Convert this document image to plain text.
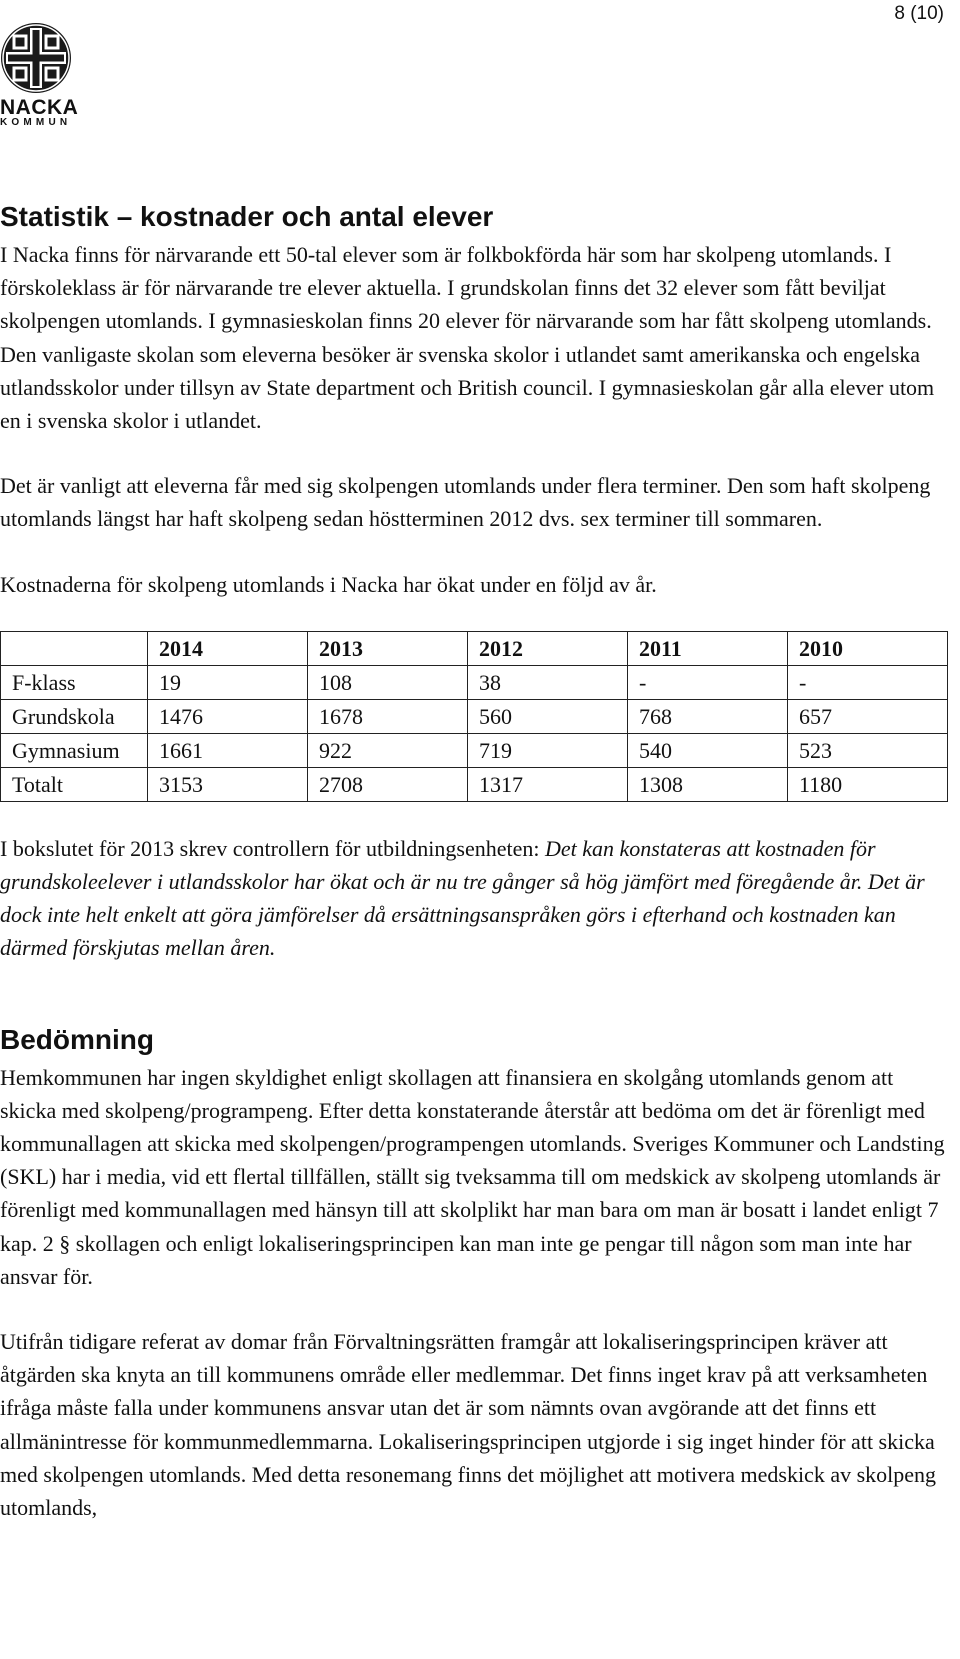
8 (10)
NACKA
KOMMUN
Statistik – kostnader och antal elever

I Nacka finns för närvarande ett 50-tal elever som är folkbokförda här som har skolpeng utomlands. I förskoleklass är för närvarande tre elever aktuella. I grundskolan finns det 32 elever som fått beviljat skolpengen utomlands. I gymnasieskolan finns 20 elever för närvarande som har fått skolpeng utomlands. Den vanligaste skolan som eleverna besöker är svenska skolor i utlandet samt amerikanska och engelska utlandsskolor under tillsyn av State department och British council. I gymnasieskolan går alla elever utom en i svenska skolor i utlandet.

Det är vanligt att eleverna får med sig skolpengen utomlands under flera terminer. Den som haft skolpeng utomlands längst har haft skolpeng sedan höstterminen 2012 dvs. sex terminer till sommaren.

Kostnaderna för skolpeng utomlands i Nacka har ökat under en följd av år.

	2014	2013	2012	2011	2010
F-klass	19	108	38	-	-
Grundskola	1476	1678	560	768	657
Gymnasium	1661	922	719	540	523
Totalt	3153	2708	1317	1308	1180

I bokslutet för 2013 skrev controllern för utbildningsenheten: Det kan konstateras att kostnaden för grundskoleelever i utlandsskolor har ökat och är nu tre gånger så hög jämfört med föregående år. Det är dock inte helt enkelt att göra jämförelser då ersättningsanspråken görs i efterhand och kostnaden kan därmed förskjutas mellan åren.

Bedömning

Hemkommunen har ingen skyldighet enligt skollagen att finansiera en skolgång utomlands genom att skicka med skolpeng/programpeng. Efter detta konstaterande återstår att bedöma om det är förenligt med kommunallagen att skicka med skolpengen/programpengen utomlands. Sveriges Kommuner och Landsting (SKL) har i media, vid ett flertal tillfällen, ställt sig tveksamma till om medskick av skolpeng utomlands är förenligt med kommunallagen med hänsyn till att skolplikt har man bara om man är bosatt i landet enligt 7 kap. 2 § skollagen och enligt lokaliseringsprincipen kan man inte ge pengar till någon som man inte har ansvar för.

Utifrån tidigare referat av domar från Förvaltningsrätten framgår att lokaliseringsprincipen kräver att åtgärden ska knyta an till kommunens område eller medlemmar. Det finns inget krav på att verksamheten ifråga måste falla under kommunens ansvar utan det är som nämnts ovan avgörande att det finns ett allmänintresse för kommunmedlemmarna. Lokaliseringsprincipen utgjorde i sig inget hinder för att skicka med skolpengen utomlands. Med detta resonemang finns det möjlighet att motivera medskick av skolpeng utomlands,
